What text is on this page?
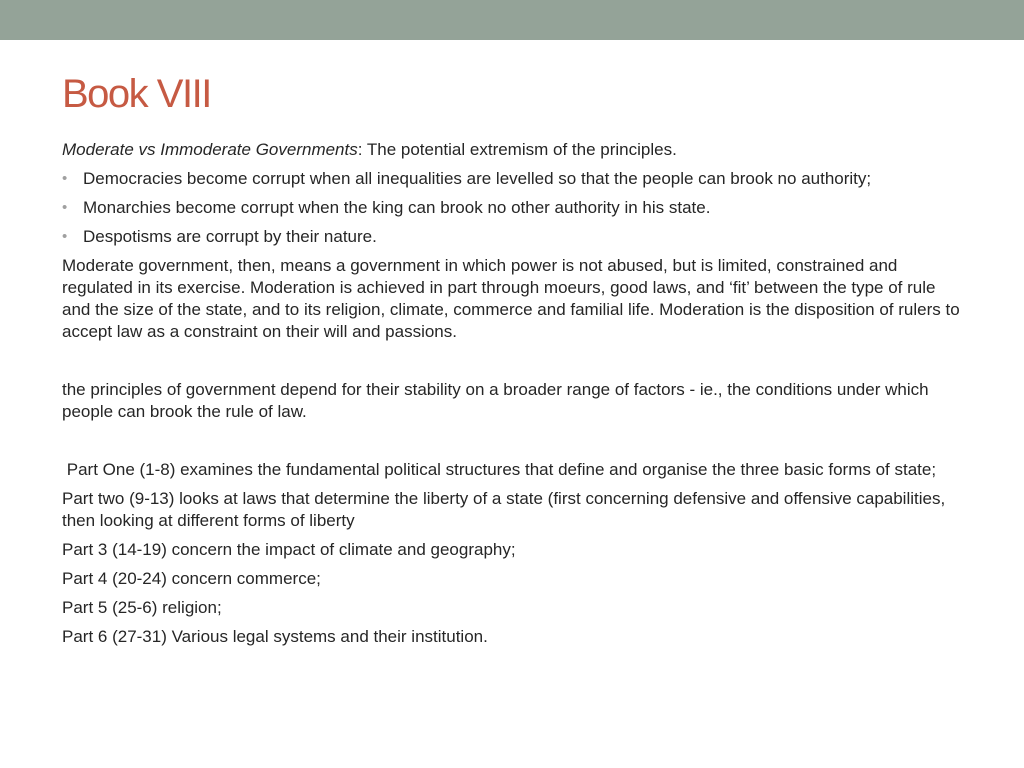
Book VIII

Moderate vs Immoderate Governments: The potential extremism of the principles.

• Democracies become corrupt when all inequalities are levelled so that the people can brook no authority;
• Monarchies become corrupt when the king can brook no other authority in his state.
• Despotisms are corrupt by their nature.

Moderate government, then, means a government in which power is not abused, but is limited, constrained and regulated in its exercise. Moderation is achieved in part through moeurs, good laws, and ‘fit’ between the type of rule and the size of the state, and to its religion, climate, commerce and familial life. Moderation is the disposition of rulers to accept law as a constraint on their will and passions.

the principles of government depend for their stability on a broader range of factors - ie., the conditions under which people can brook the rule of law.

Part One (1-8) examines the fundamental political structures that define and organise the three basic forms of state;

Part two (9-13) looks at laws that determine the liberty of a state (first concerning defensive and offensive capabilities, then looking at different forms of liberty

Part 3 (14-19) concern the impact of climate and geography;

Part 4 (20-24) concern commerce;

Part 5 (25-6) religion;

Part 6 (27-31) Various legal systems and their institution.
